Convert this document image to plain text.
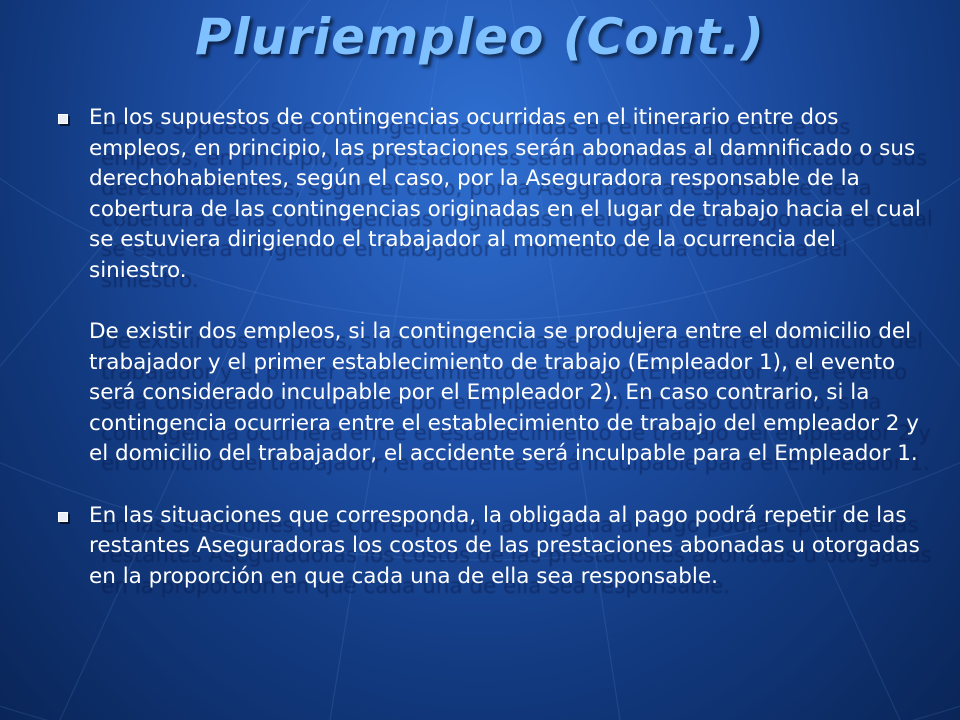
Pluriempleo (Cont.)

En los supuestos de contingencias ocurridas en el itinerario entre dos empleos, en principio, las prestaciones serán abonadas al damnificado o sus derechohabientes, según el caso, por la Aseguradora responsable de la cobertura de las contingencias originadas en el lugar de trabajo hacia el cual se estuviera dirigiendo el trabajador al momento de la ocurrencia del siniestro.

De existir dos empleos, si la contingencia se produjera entre el domicilio del trabajador y el primer establecimiento de trabajo (Empleador 1), el evento será considerado inculpable por el Empleador 2). En caso contrario, si la contingencia ocurriera entre el establecimiento de trabajo del empleador 2 y el domicilio del trabajador, el accidente será inculpable para el Empleador 1.

En las situaciones que corresponda, la obligada al pago podrá repetir de las restantes Aseguradoras los costos de las prestaciones abonadas u otorgadas en la proporción en que cada una de ella sea responsable.
